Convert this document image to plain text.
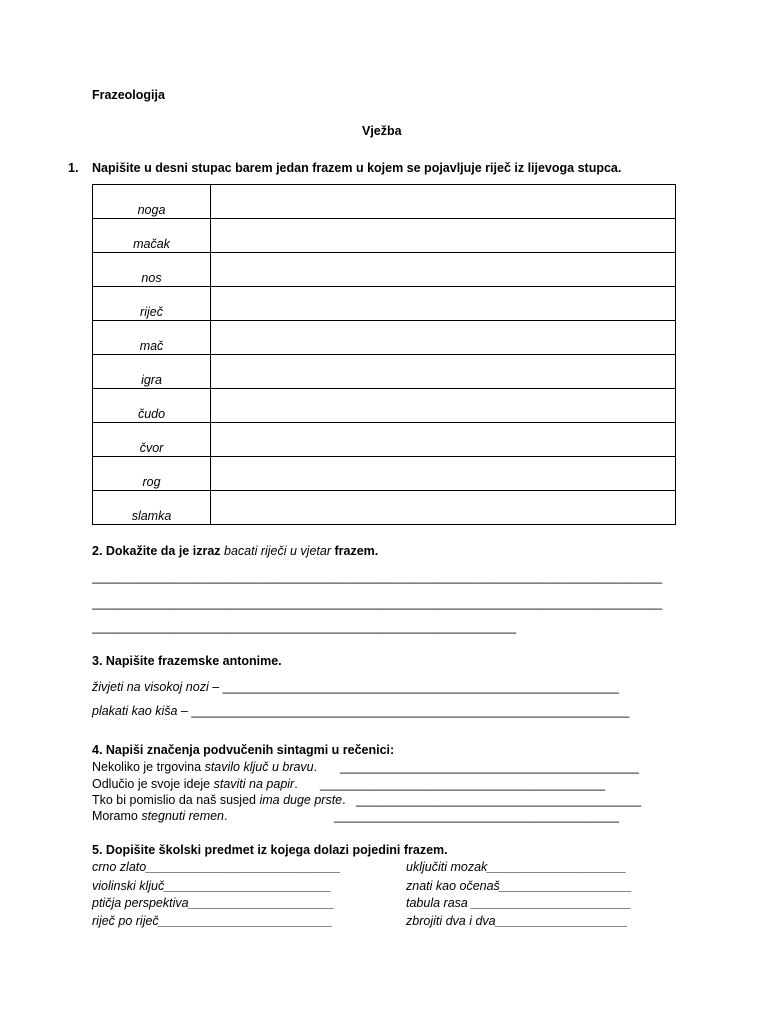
Frazeologija
Vježba
1. Napišite u desni stupac barem jedan frazem u kojem se pojavljuje riječ iz lijevoga stupca.
noga	
mačak	
nos	
riječ	
mač	
igra	
čudo	
čvor	
rog	
slamka	
2. Dokažite da je izraz bacati riječi u vjetar frazem.
__________________________________________________________________________________
__________________________________________________________________________________
_____________________________________________________________
3. Napišite frazemske antonime.
živjeti na visokoj nozi – _________________________________________________________
plakati kao kiša – _______________________________________________________________
4. Napiši značenja podvučenih sintagmi u rečenici:
Nekoliko je trgovina stavilo ključ u bravu. ___________________________________________
Odlučio je svoje ideje staviti na papir. _________________________________________
Tko bi pomislio da naš susjed ima duge prste. _________________________________________
Moramo stegnuti remen.	_________________________________________
5. Dopišite školski predmet iz kojega dolazi pojedini frazem.
crno zlato____________________________
violinski ključ________________________
ptičja perspektiva_____________________
riječ po riječ_________________________
uključiti mozak____________________
znati kao očenaš___________________
tabula rasa _______________________
zbrojiti dva i dva___________________
